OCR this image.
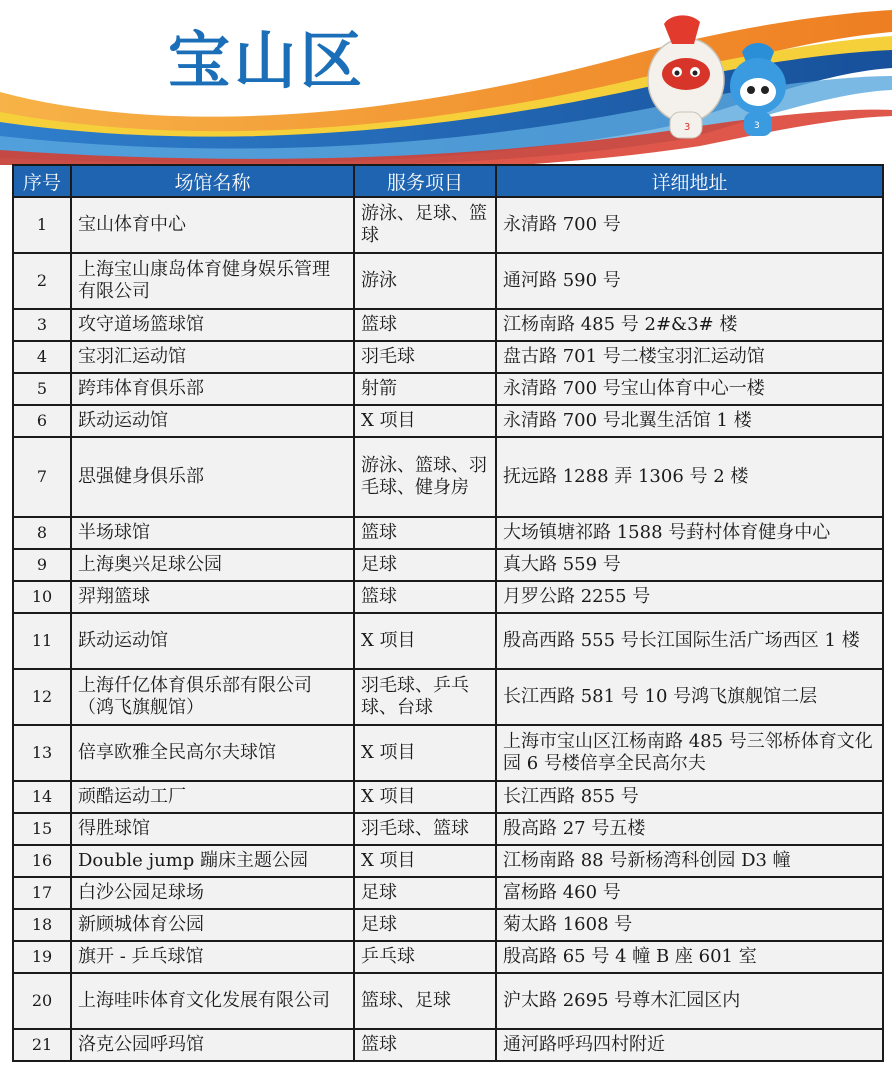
3	3
宝山区
序号	场馆名称	服务项目	详细地址
1	宝山体育中心	游泳、足球、篮球	永清路 700 号
2	上海宝山康岛体育健身娱乐管理有限公司	游泳	通河路 590 号
3	攻守道场篮球馆	篮球	江杨南路 485 号 2#&3# 楼
4	宝羽汇运动馆	羽毛球	盘古路 701 号二楼宝羽汇运动馆
5	跨玮体育俱乐部	射箭	永清路 700 号宝山体育中心一楼
6	跃动运动馆	X 项目	永清路 700 号北翼生活馆 1 楼
7	思强健身俱乐部	游泳、篮球、羽毛球、健身房	抚远路 1288 弄 1306 号 2 楼
8	半场球馆	篮球	大场镇塘祁路 1588 号葑村体育健身中心
9	上海奥兴足球公园	足球	真大路 559 号
10	羿翔篮球	篮球	月罗公路 2255 号
11	跃动运动馆	X 项目	殷高西路 555 号长江国际生活广场西区 1 楼
12	上海仟亿体育俱乐部有限公司（鸿飞旗舰馆）	羽毛球、乒乓球、台球	长江西路 581 号 10 号鸿飞旗舰馆二层
13	倍享欧雅全民高尔夫球馆	X 项目	上海市宝山区江杨南路 485 号三邻桥体育文化园 6 号楼倍享全民高尔夫
14	顽酷运动工厂	X 项目	长江西路 855 号
15	得胜球馆	羽毛球、篮球	殷高路 27 号五楼
16	Double jump 蹦床主题公园	X 项目	江杨南路 88 号新杨湾科创园 D3 幢
17	白沙公园足球场	足球	富杨路 460 号
18	新顾城体育公园	足球	菊太路 1608 号
19	旗开 - 乒乓球馆	乒乓球	殷高路 65 号 4 幢 B 座 601 室
20	上海哇咔体育文化发展有限公司	篮球、足球	沪太路 2695 号尊木汇园区内
21	洛克公园呼玛馆	篮球	通河路呼玛四村附近
